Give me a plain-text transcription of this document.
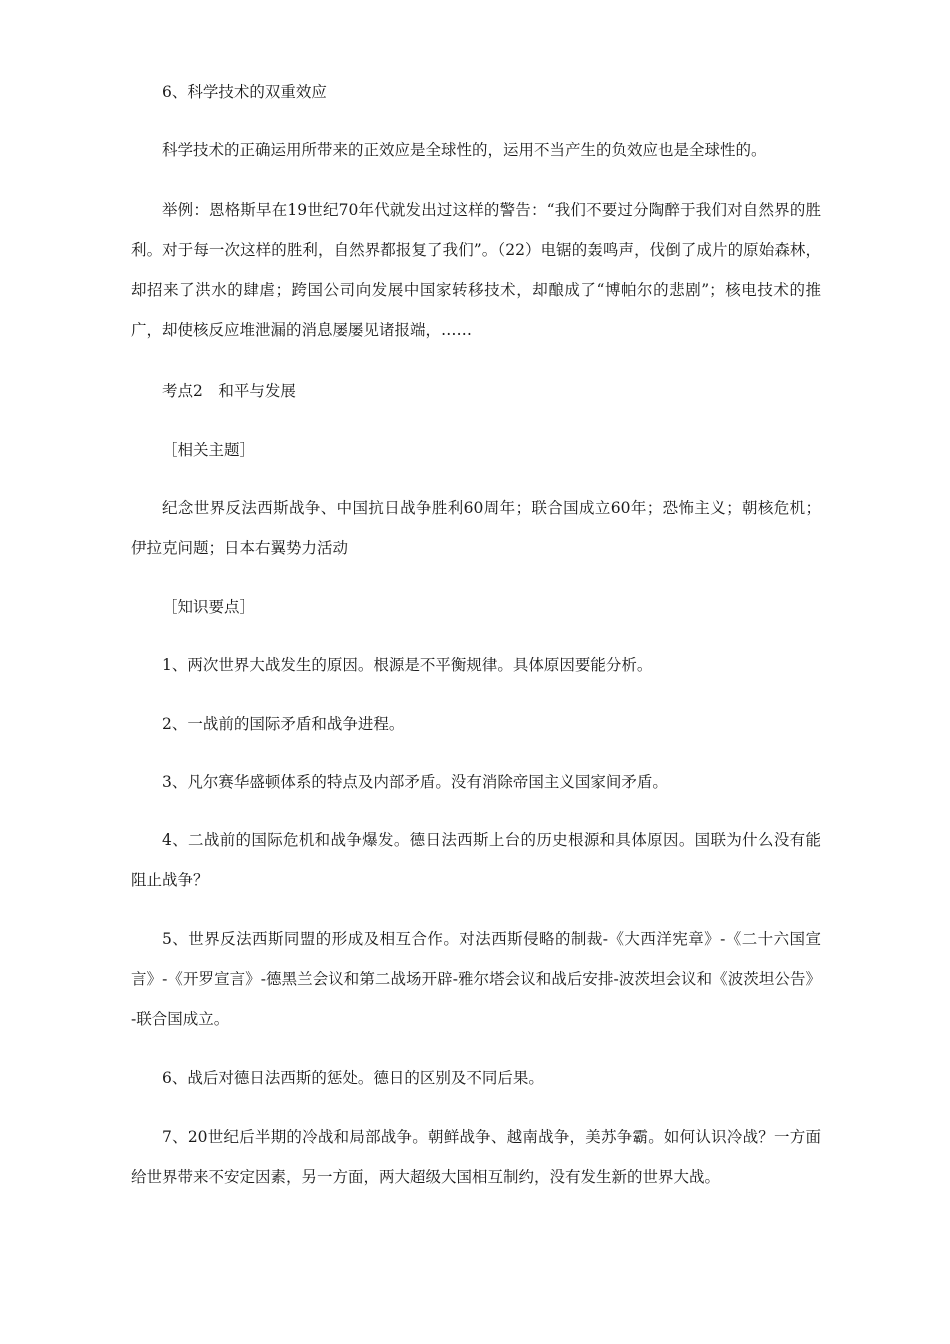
6、科学技术的双重效应

科学技术的正确运用所带来的正效应是全球性的，运用不当产生的负效应也是全球性的。

举例：恩格斯早在19世纪70年代就发出过这样的警告：“我们不要过分陶醉于我们对自然界的胜利。对于每一次这样的胜利，自然界都报复了我们”。（22）电锯的轰鸣声，伐倒了成片的原始森林，却招来了洪水的肆虐；跨国公司向发展中国家转移技术，却酿成了“博帕尔的悲剧”；核电技术的推广，却使核反应堆泄漏的消息屡屡见诸报端，……

考点2　和平与发展

［相关主题］

纪念世界反法西斯战争、中国抗日战争胜利60周年；联合国成立60年；恐怖主义；朝核危机；伊拉克问题；日本右翼势力活动

［知识要点］

1、两次世界大战发生的原因。根源是不平衡规律。具体原因要能分析。

2、一战前的国际矛盾和战争进程。

3、凡尔赛华盛顿体系的特点及内部矛盾。没有消除帝国主义国家间矛盾。

4、二战前的国际危机和战争爆发。德日法西斯上台的历史根源和具体原因。国联为什么没有能阻止战争？

5、世界反法西斯同盟的形成及相互合作。对法西斯侵略的制裁-《大西洋宪章》-《二十六国宣言》-《开罗宣言》-德黑兰会议和第二战场开辟-雅尔塔会议和战后安排-波茨坦会议和《波茨坦公告》-联合国成立。

6、战后对德日法西斯的惩处。德日的区别及不同后果。

7、20世纪后半期的冷战和局部战争。朝鲜战争、越南战争，美苏争霸。如何认识冷战？一方面给世界带来不安定因素，另一方面，两大超级大国相互制约，没有发生新的世界大战。
